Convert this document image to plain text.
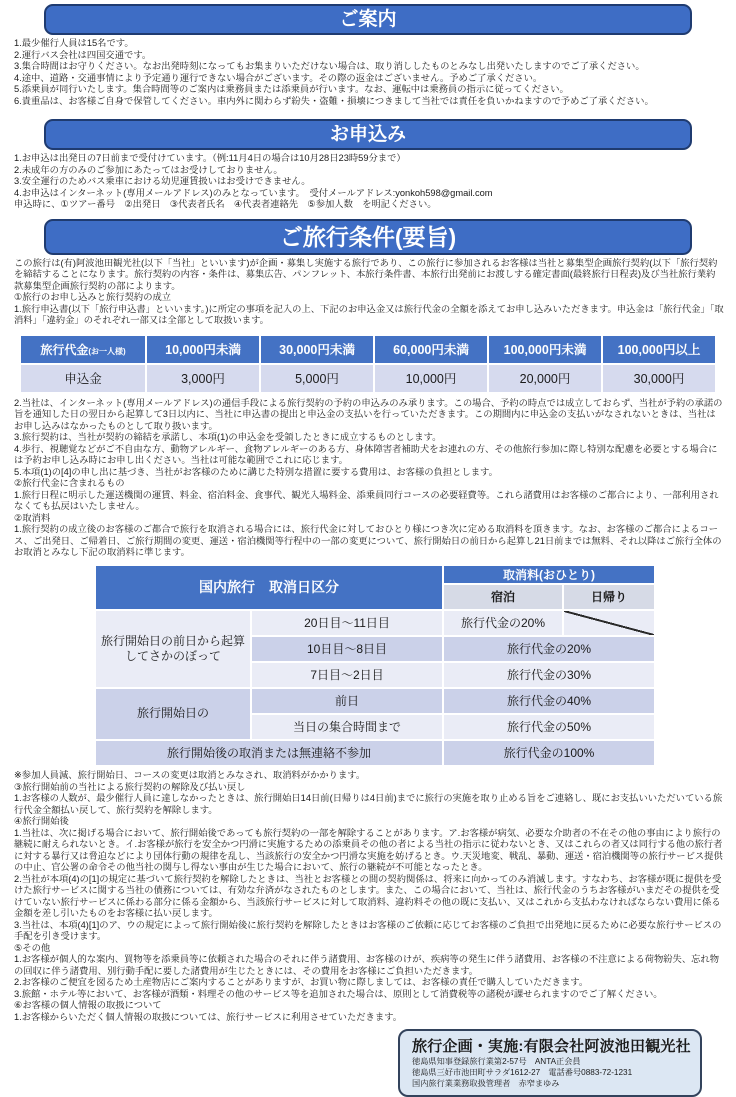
ご案内
1.最少催行人員は15名です。
2.運行バス会社は四国交通です。
3.集合時間はお守りください。なお出発時刻になってもお集まりいただけない場合は、取り消ししたものとみなし出発いたしますのでご了承ください。
4.途中、道路・交通事情により予定通り運行できない場合がございます。その際の返金はございません。予めご了承ください。
5.添乗員が同行いたします。集合時間等のご案内は乗務員または添乗員が行います。なお、運転中は乗務員の指示に従ってください。
6.貴重品は、お客様ご自身で保管してください。車内外に関わらず紛失・盗難・損壊につきまして当社では責任を負いかねますので予めご了承ください。
お申込み
1.お申込は出発日の7日前まで受付けています。（例:11月4日の場合は10月28日23時59分まで）
2.未成年の方のみのご参加にあたってはお受けしておりません。
3.安全運行のためバス乗車における幼児運賃扱いはお受けできません。
4.お申込はインターネット(専用メールアドレス)のみとなっています。　受付メールアドレス:yonkoh598@gmail.com
申込時に、①ツアー番号　②出発日　③代表者氏名　④代表者連絡先　⑤参加人数　を明記ください。
ご旅行条件(要旨)
この旅行は(有)阿波池田観光社(以下「当社」といいます)が企画・募集し実施する旅行であり、この旅行に参加されるお客様は当社と募集型企画旅行契約(以下「旅行契約を締結することになります。旅行契約の内容・条件は、募集広告、パンフレット、本旅行条件書、本旅行出発前にお渡しする確定書面(最終旅行日程表)及び当社旅行業約款募集型企画旅行契約の部によります。
①旅行のお申し込みと旅行契約の成立
1.旅行申込書(以下「旅行申込書」といいます。)に所定の事項を記入の上、下記のお申込金又は旅行代金の全額を添えてお申し込みいただきます。申込金は「旅行代金」「取消料」「違約金」のそれぞれ一部又は全部として取扱います。
旅行代金(お一人様)	10,000円未満	30,000円未満	60,000円未満	100,000円未満	100,000円以上
申込金	3,000円	5,000円	10,000円	20,000円	30,000円
2.当社は、インターネット(専用メールアドレス)の通信手段による旅行契約の予約の申込みのみ承ります。この場合、予約の時点では成立しておらず、当社が予約の承諾の旨を通知した日の翌日から起算して3日以内に、当社に申込書の提出と申込金の支払いを行っていただきます。この期間内に申込金の支払いがなされないときは、当社はお申し込みはなかったものとして取り扱います。
3.旅行契約は、当社が契約の締結を承諾し、本項(1)の申込金を受領したときに成立するものとします。
4.歩行、視聴覚などがご不自由な方、動物アレルギー、食物アレルギーのある方、身体障害者補助犬をお連れの方、その他旅行参加に際し特別な配慮を必要とする場合には予約お申し込み時にお申し出ください。当社は可能な範囲でこれに応じます。
5.本項(1)の[4]の申し出に基づき、当社がお客様のために講じた特別な措置に要する費用は、お客様の負担とします。
②旅行代金に含まれるもの
1.旅行日程に明示した運送機関の運賃、料金、宿泊料金、食事代、観光入場料金、添乗員同行コースの必要経費等。これら諸費用はお客様のご都合により、一部利用されなくても払戻はいたしません。
②取消料
1.旅行契約の成立後のお客様のご都合で旅行を取消される場合には、旅行代金に対しておひとり様につき次に定める取消料を頂きます。なお、お客様のご都合によるコース、ご出発日、ご帰着日、ご旅行期間の変更、運送・宿泊機関等行程中の一部の変更について、旅行開始日の前日から起算し21日前までは無料、それ以降はご旅行全体のお取消とみなし下記の取消料に準じます。
国内旅行　取消日区分		取消料(おひとり)	
		宿泊	日帰り
旅行開始日の前日から起算してさかのぼって	20日目～11日目	旅行代金の20%	
	10日目～8日目	旅行代金の20%	
	7日目～2日目	旅行代金の30%	
旅行開始日の	前日	旅行代金の40%	
	当日の集合時間まで	旅行代金の50%	
旅行開始後の取消または無連絡不参加		旅行代金の100%	
※参加人員減、旅行開始日、コースの変更は取消とみなされ、取消料がかかります。
③旅行開始前の当社による旅行契約の解除及び払い戻し
1.お客様の人数が、最少催行人員に達しなかったときは、旅行開始日14日前(日帰りは4日前)までに旅行の実施を取り止める旨をご連絡し、既にお支払いいただいている旅行代金全額払い戻して、旅行契約を解除します。
④旅行開始後
1.当社は、次に掲げる場合において、旅行開始後であっても旅行契約の一部を解除することがあります。ア.お客様が病気、必要な介助者の不在その他の事由により旅行の継続に耐えられないとき。イ.お客様が旅行を安全かつ円滑に実施するための添乗員その他の者による当社の指示に従わないとき、又はこれらの者又は同行する他の旅行者に対する暴行又は脅迫などにより団体行動の規律を乱し、当該旅行の安全かつ円滑な実施を妨げるとき。ウ.天災地変、戦乱、暴動、運送・宿泊機関等の旅行サービス提供の中止、官公署の命令その他当社の関与し得ない事由が生じた場合において、旅行の継続が不可能となったとき。
2.当社が本項(4)の[1]の規定に基づいて旅行契約を解除したときは、当社とお客様との間の契約関係は、将来に向かってのみ消滅します。すなわち、お客様が既に提供を受けた旅行サービスに関する当社の債務については、有効な弁済がなされたものとします。また、この場合において、当社は、旅行代金のうちお客様がいまだその提供を受けていない旅行サービスに係わる部分に係る金額から、当該旅行サービスに対して取消料、違約料その他の既に支払い、又はこれから支払わなければならない費用に係る金額を差し引いたものをお客様に払い戻します。
3.当社は、本項(4)[1]のア、ウの規定によって旅行開始後に旅行契約を解除したときはお客様のご依頼に応じてお客様のご負担で出発地に戻るために必要な旅行サービスの手配を引き受けます。
⑤その他
1.お客様が個人的な案内、買物等を添乗員等に依頼された場合のそれに伴う諸費用、お客様のけが、疾病等の発生に伴う諸費用、お客様の不注意による荷物紛失、忘れ物の回収に伴う諸費用、別行動手配に要した諸費用が生じたときには、その費用をお客様にご負担いただきます。
2.お客様のご便宜を図るため土産物店にご案内することがありますが、お買い物に際しましては、お客様の責任で購入していただきます。
3.旅館・ホテル等において、お客様が酒類・料理その他のサービス等を追加された場合は、原則として消費税等の諸税が課せられますのでご了解ください。
⑥お客様の個人情報の取扱について
1.お客様からいただく個人情報の取扱については、旅行サービスに利用させていただきます。
旅行企画・実施:有限会社阿波池田観光社
徳島県知事登録旅行業第2-57号　ANTA正会員
徳島県三好市池田町サラダ1612-27　電話番号0883-72-1231
国内旅行業業務取扱管理者　赤窄まゆみ
